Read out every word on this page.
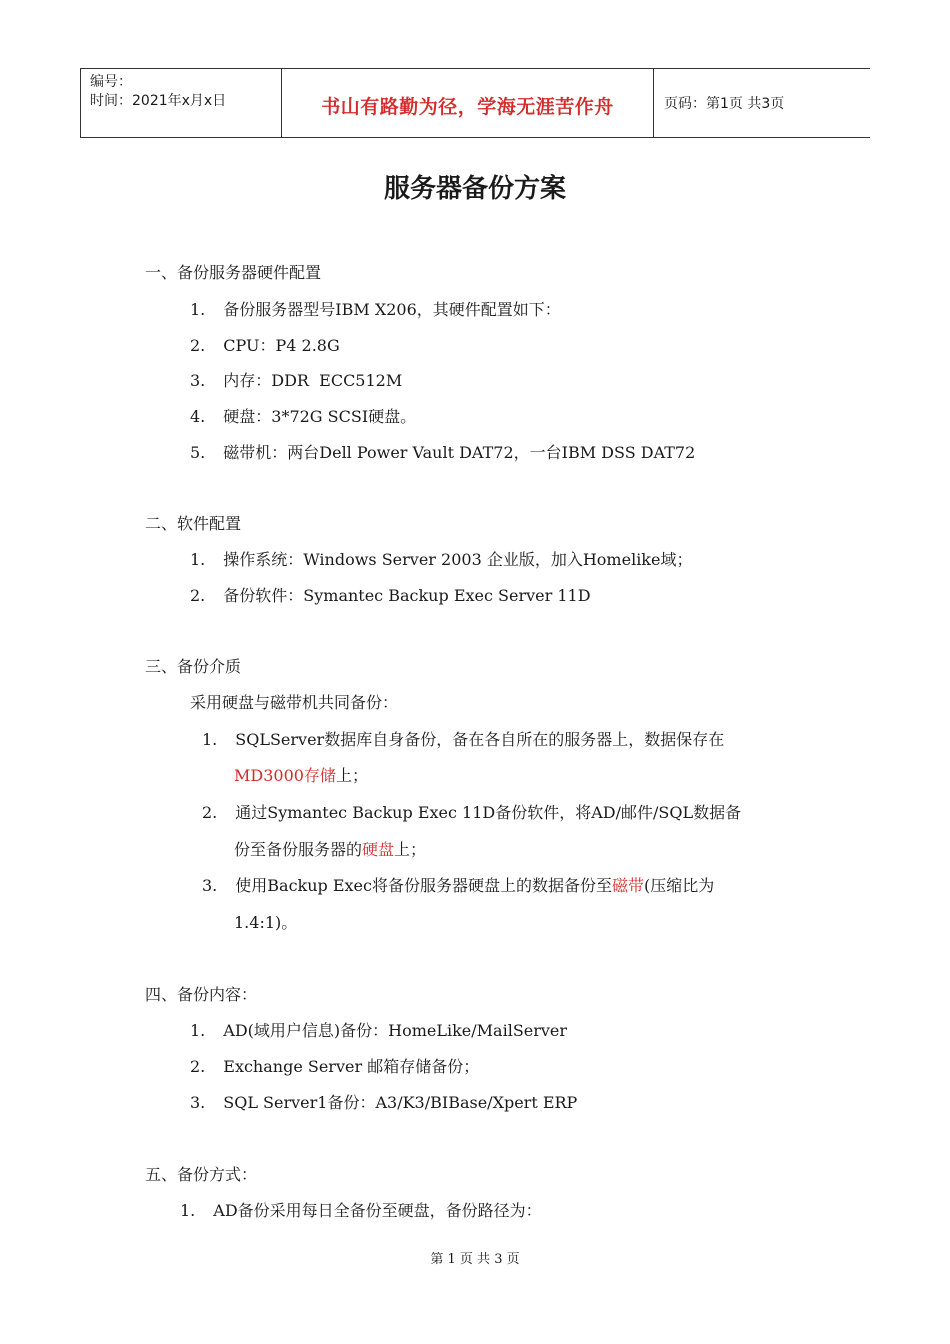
编号：
时间：2021年x月x日	书山有路勤为径，学海无涯苦作舟	页码：第1页 共3页
服务器备份方案
一、备份服务器硬件配置
1. 备份服务器型号IBM X206，其硬件配置如下：
2. CPU：P4 2.8G
3. 内存：DDR  ECC512M
4. 硬盘：3*72G SCSI硬盘。
5. 磁带机：两台Dell Power Vault DAT72，一台IBM DSS DAT72
二、软件配置
1. 操作系统：Windows Server 2003 企业版，加入Homelike域；
2. 备份软件：Symantec Backup Exec Server 11D
三、备份介质
采用硬盘与磁带机共同备份：
1. SQLServer数据库自身备份，备在各自所在的服务器上，数据保存在
MD3000存储上；
2. 通过Symantec Backup Exec 11D备份软件，将AD/邮件/SQL数据备
份至备份服务器的硬盘上；
3. 使用Backup Exec将备份服务器硬盘上的数据备份至磁带(压缩比为
1.4:1)。
四、备份内容：
1. AD(域用户信息)备份：HomeLike/MailServer
2. Exchange Server 邮箱存储备份；
3. SQL Server1备份：A3/K3/BIBase/Xpert ERP
五、备份方式：
1. AD备份采用每日全备份至硬盘，备份路径为：
第 1 页 共 3 页
